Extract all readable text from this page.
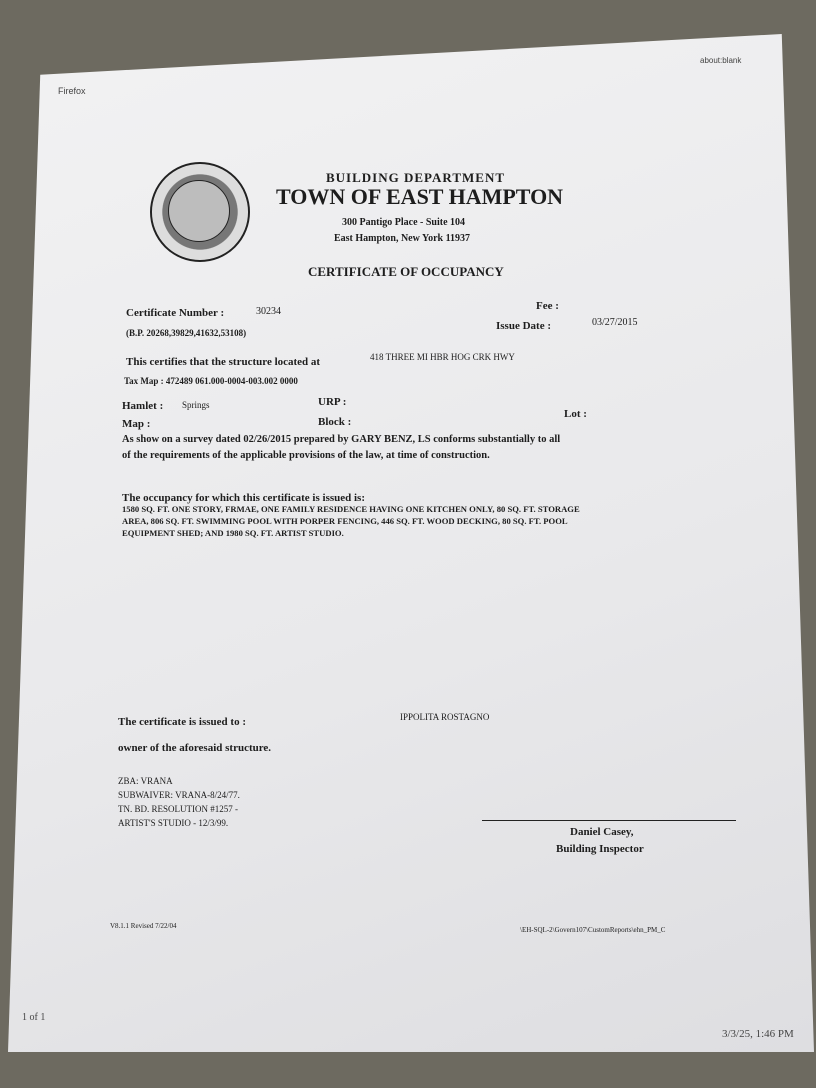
Firefox
about:blank
BUILDING DEPARTMENT
TOWN OF EAST HAMPTON
300 Pantigo Place - Suite 104
East Hampton, New York 11937
CERTIFICATE OF OCCUPANCY
Certificate Number :	30234	Fee :
(B.P. 20268,39829,41632,53108)
Issue Date :	03/27/2015
This certifies that the structure located at	418 THREE MI HBR HOG CRK HWY
Tax Map : 472489 061.000-0004-003.002 0000
Hamlet : Springs	URP :
Lot :
Map :	Block :
As show on a survey dated 02/26/2015 prepared by GARY BENZ, LS conforms substantially to all
of the requirements of the applicable provisions of the law, at time of construction.
The occupancy for which this certificate is issued is:
1580 SQ. FT. ONE STORY, FRMAE, ONE FAMILY RESIDENCE HAVING ONE KITCHEN ONLY, 80 SQ. FT. STORAGE
AREA, 806 SQ. FT. SWIMMING POOL WITH PORPER FENCING, 446 SQ. FT. WOOD DECKING, 80 SQ. FT. POOL
EQUIPMENT SHED; AND 1980 SQ. FT. ARTIST STUDIO.
The certificate is issued to :	IPPOLITA ROSTAGNO
owner of the aforesaid structure.
ZBA: VRANA
SUBWAIVER: VRANA-8/24/77.
TN. BD. RESOLUTION #1257 -
ARTIST'S STUDIO - 12/3/99.
Daniel Casey,
Building Inspector
V8.1.1 Revised 7/22/04	\EH-SQL-2\Govern107\CustomReports\ehn_PM_C
1 of 1
3/3/25, 1:46 PM
